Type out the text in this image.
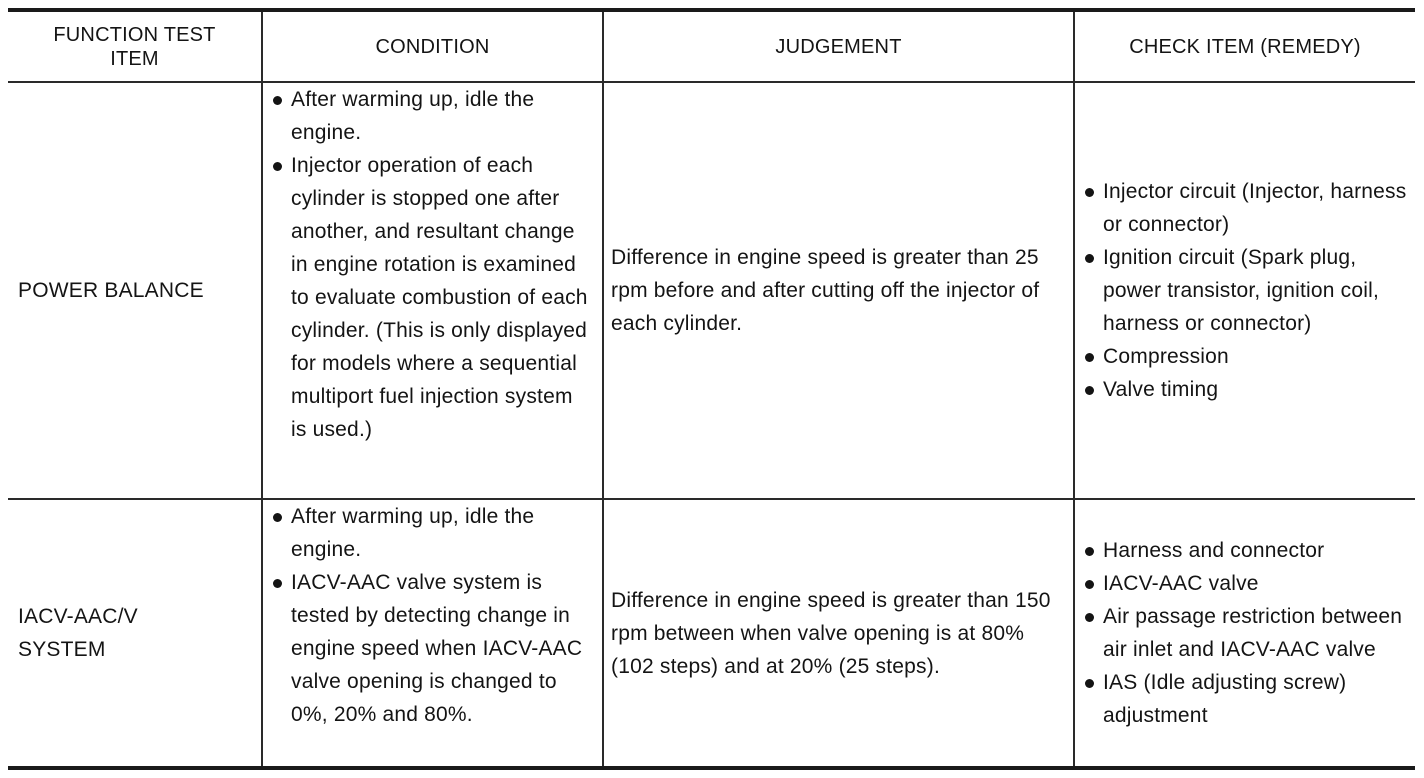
FUNCTION TEST
ITEM
CONDITION	JUDGEMENT	CHECK ITEM (REMEDY)
POWER BALANCE
After warming up, idle the engine.
Injector operation of each cylinder is stopped one after another, and resultant change in engine rotation is examined to evaluate combustion of each cylinder. (This is only displayed for models where a sequential multiport fuel injection system is used.)
Difference in engine speed is greater than 25 rpm before and after cutting off the injector of each cylinder.
Injector circuit (Injector, harness or connector)
Ignition circuit (Spark plug, power transistor, ignition coil, harness or connector)
Compression
Valve timing
IACV-AAC/V
SYSTEM
After warming up, idle the engine.
IACV-AAC valve system is tested by detecting change in engine speed when IACV-AAC valve opening is changed to 0%, 20% and 80%.
Difference in engine speed is greater than 150 rpm between when valve opening is at 80% (102 steps) and at 20% (25 steps).
Harness and connector
IACV-AAC valve
Air passage restriction between air inlet and IACV-AAC valve
IAS (Idle adjusting screw) adjustment
